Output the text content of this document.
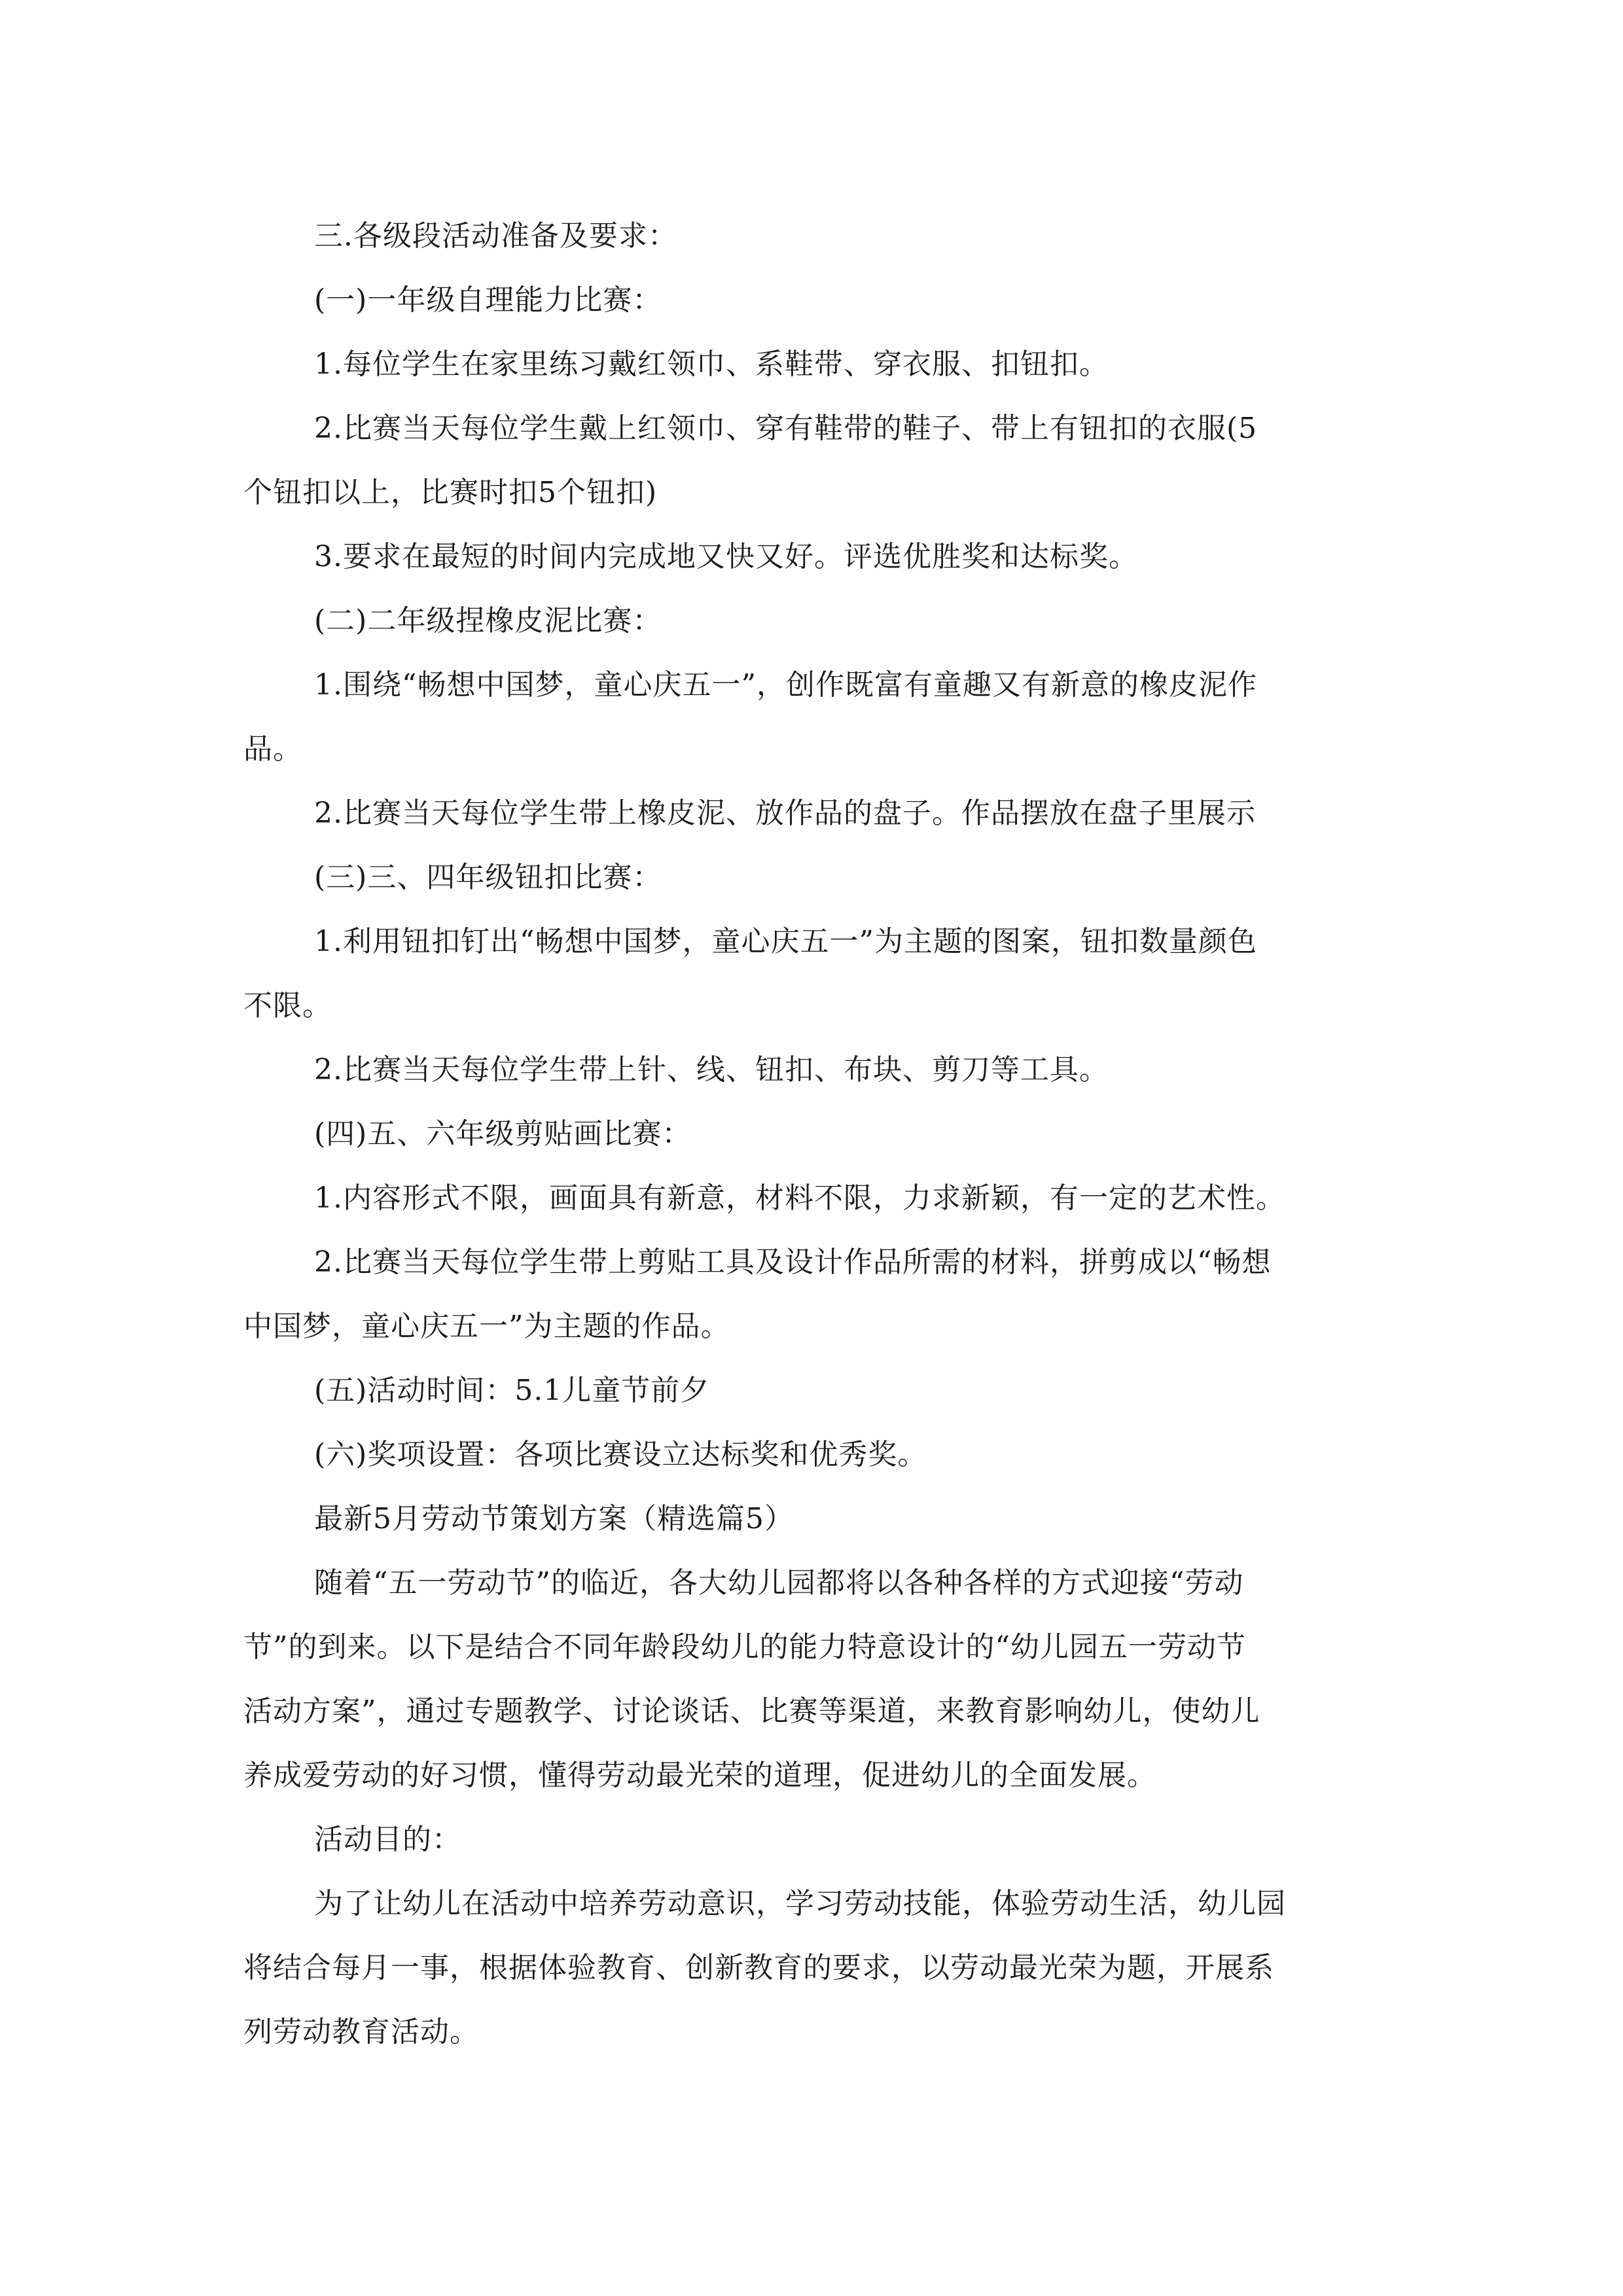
三.各级段活动准备及要求：
(一)一年级自理能力比赛：
1.每位学生在家里练习戴红领巾、系鞋带、穿衣服、扣钮扣。
2.比赛当天每位学生戴上红领巾、穿有鞋带的鞋子、带上有钮扣的衣服(5
个钮扣以上，比赛时扣5个钮扣)
3.要求在最短的时间内完成地又快又好。评选优胜奖和达标奖。
(二)二年级捏橡皮泥比赛：
1.围绕“畅想中国梦，童心庆五一”，创作既富有童趣又有新意的橡皮泥作
品。
2.比赛当天每位学生带上橡皮泥、放作品的盘子。作品摆放在盘子里展示
(三)三、四年级钮扣比赛：
1.利用钮扣钉出“畅想中国梦，童心庆五一”为主题的图案，钮扣数量颜色
不限。
2.比赛当天每位学生带上针、线、钮扣、布块、剪刀等工具。
(四)五、六年级剪贴画比赛：
1.内容形式不限，画面具有新意，材料不限，力求新颖，有一定的艺术性。
2.比赛当天每位学生带上剪贴工具及设计作品所需的材料，拼剪成以“畅想
中国梦，童心庆五一”为主题的作品。
(五)活动时间：5.1儿童节前夕
(六)奖项设置：各项比赛设立达标奖和优秀奖。
最新5月劳动节策划方案（精选篇5）
随着“五一劳动节”的临近，各大幼儿园都将以各种各样的方式迎接“劳动
节”的到来。以下是结合不同年龄段幼儿的能力特意设计的“幼儿园五一劳动节
活动方案”，通过专题教学、讨论谈话、比赛等渠道，来教育影响幼儿，使幼儿
养成爱劳动的好习惯，懂得劳动最光荣的道理，促进幼儿的全面发展。
活动目的：
为了让幼儿在活动中培养劳动意识，学习劳动技能，体验劳动生活，幼儿园
将结合每月一事，根据体验教育、创新教育的要求，以劳动最光荣为题，开展系
列劳动教育活动。
